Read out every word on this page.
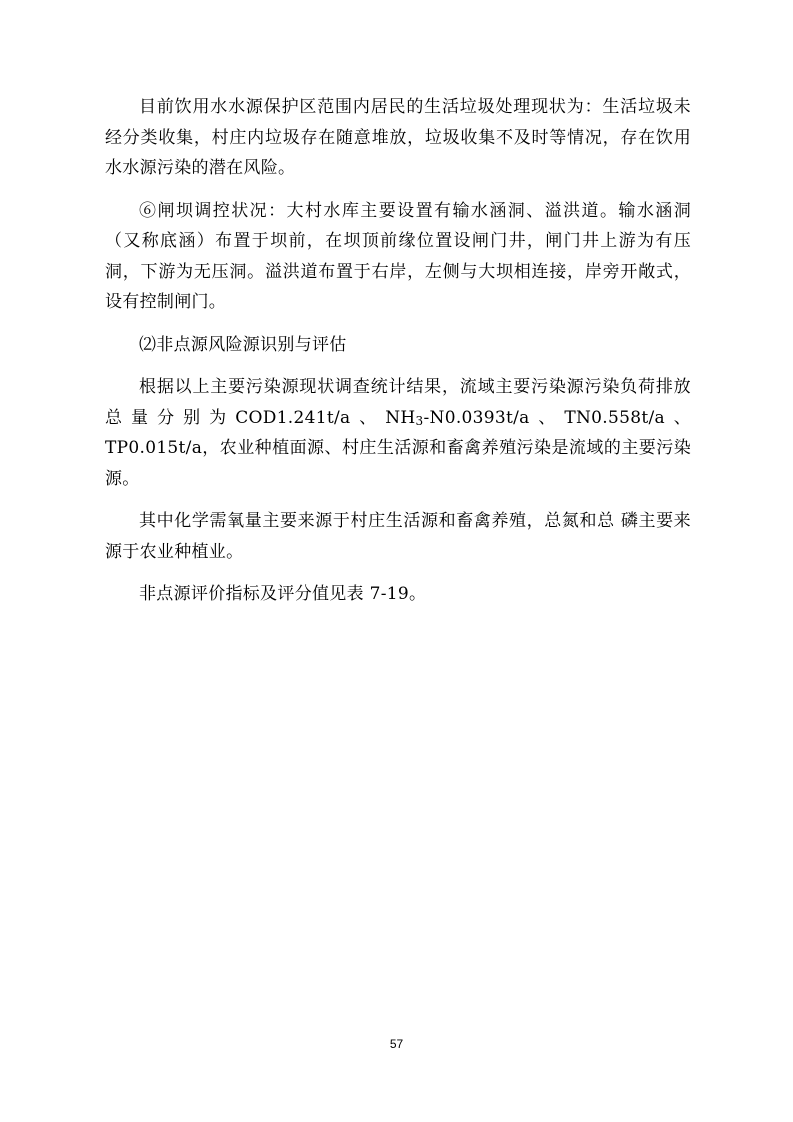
目前饮用水水源保护区范围内居民的生活垃圾处理现状为：生活垃圾未经分类收集，村庄内垃圾存在随意堆放，垃圾收集不及时等情况，存在饮用水水源污染的潜在风险。

⑥闸坝调控状况：大村水库主要设置有输水涵洞、溢洪道。输水涵洞（又称底涵）布置于坝前，在坝顶前缘位置设闸门井，闸门井上游为有压洞，下游为无压洞。溢洪道布置于右岸，左侧与大坝相连接，岸旁开敞式，设有控制闸门。

⑵非点源风险源识别与评估

根据以上主要污染源现状调查统计结果，流域主要污染源污染负荷排放总量分别为COD1.241t/a、NH3-N0.0393t/a、TN0.558t/a、TP0.015t/a，农业种植面源、村庄生活源和畜禽养殖污染是流域的主要污染源。

其中化学需氧量主要来源于村庄生活源和畜禽养殖，总氮和总 磷主要来源于农业种植业。

非点源评价指标及评分值见表 7-19。

57
